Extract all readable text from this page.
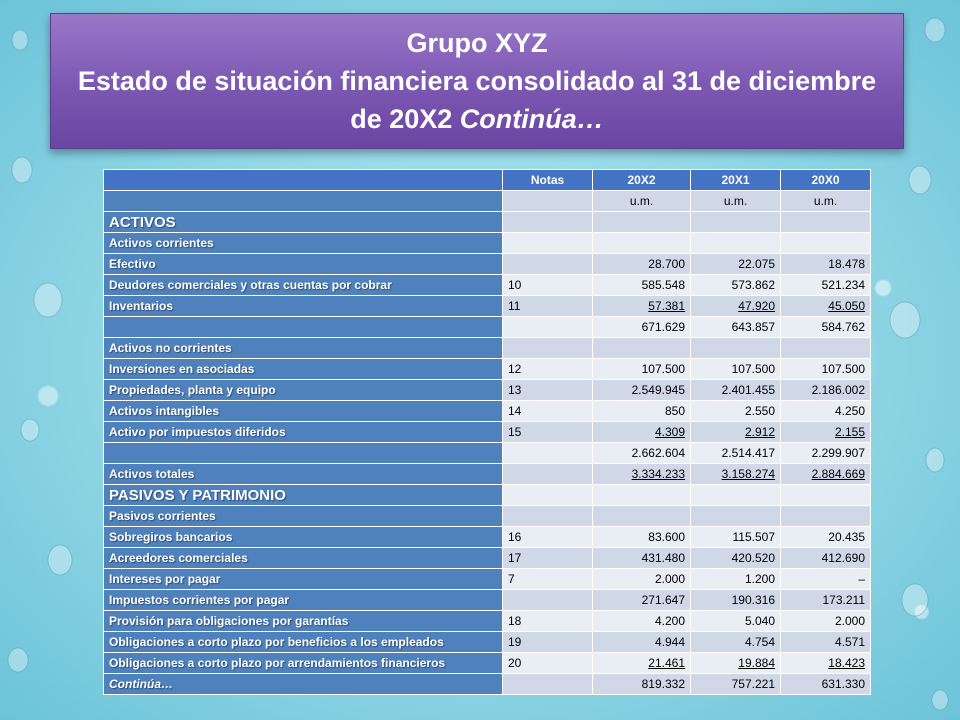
Grupo XYZ
Estado de situación financiera consolidado al 31 de diciembre
de 20X2 Continúa…
	Notas	20X2	20X1	20X0
		u.m.	u.m.	u.m.
ACTIVOS				
Activos corrientes				
Efectivo		28.700	22.075	18.478
Deudores comerciales y otras cuentas por cobrar	10	585.548	573.862	521.234
Inventarios	11	57.381	47.920	45.050
		671.629	643.857	584.762
Activos no corrientes				
Inversiones en asociadas	12	107.500	107.500	107.500
Propiedades, planta y equipo	13	2.549.945	2.401.455	2.186.002
Activos intangibles	14	850	2.550	4.250
Activo por impuestos diferidos	15	4.309	2.912	2.155
		2.662.604	2.514.417	2.299.907
Activos totales		3.334.233	3.158.274	2.884.669
PASIVOS Y PATRIMONIO				
Pasivos corrientes				
Sobregiros bancarios	16	83.600	115.507	20.435
Acreedores comerciales	17	431.480	420.520	412.690
Intereses por pagar	7	2.000	1.200	–
Impuestos corrientes por pagar		271.647	190.316	173.211
Provisión para obligaciones por garantías	18	4.200	5.040	2.000
Obligaciones a corto plazo por beneficios a los empleados	19	4.944	4.754	4.571
Obligaciones a corto plazo por arrendamientos financieros	20	21.461	19.884	18.423
Continúa…		819.332	757.221	631.330
